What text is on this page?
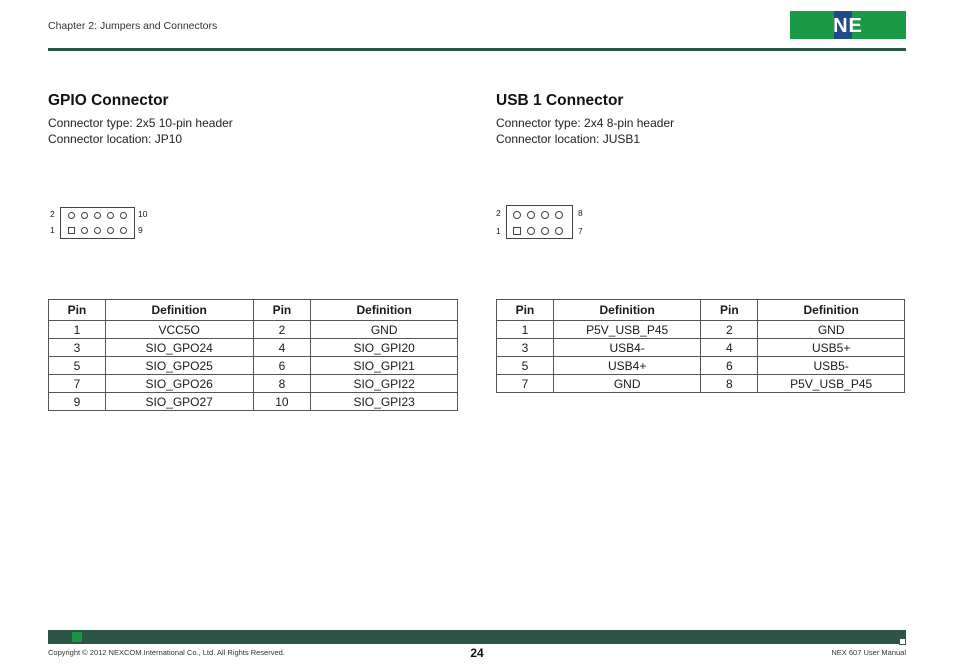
Chapter 2: Jumpers and Connectors	NE
GPIO Connector
Connector type: 2x5 10-pin header
Connector location: JP10
2
1
10
9
Pin	Definition	Pin	Definition
1	VCC5O	2	GND
3	SIO_GPO24	4	SIO_GPI20
5	SIO_GPO25	6	SIO_GPI21
7	SIO_GPO26	8	SIO_GPI22
9	SIO_GPO27	10	SIO_GPI23
USB 1 Connector
Connector type: 2x4 8-pin header
Connector location: JUSB1
2
1
8
7
Pin	Definition	Pin	Definition
1	P5V_USB_P45	2	GND
3	USB4-	4	USB5+
5	USB4+	6	USB5-
7	GND	8	P5V_USB_P45
Copyright © 2012 NEXCOM International Co., Ltd. All Rights Reserved.	24	NEX 607 User Manual
